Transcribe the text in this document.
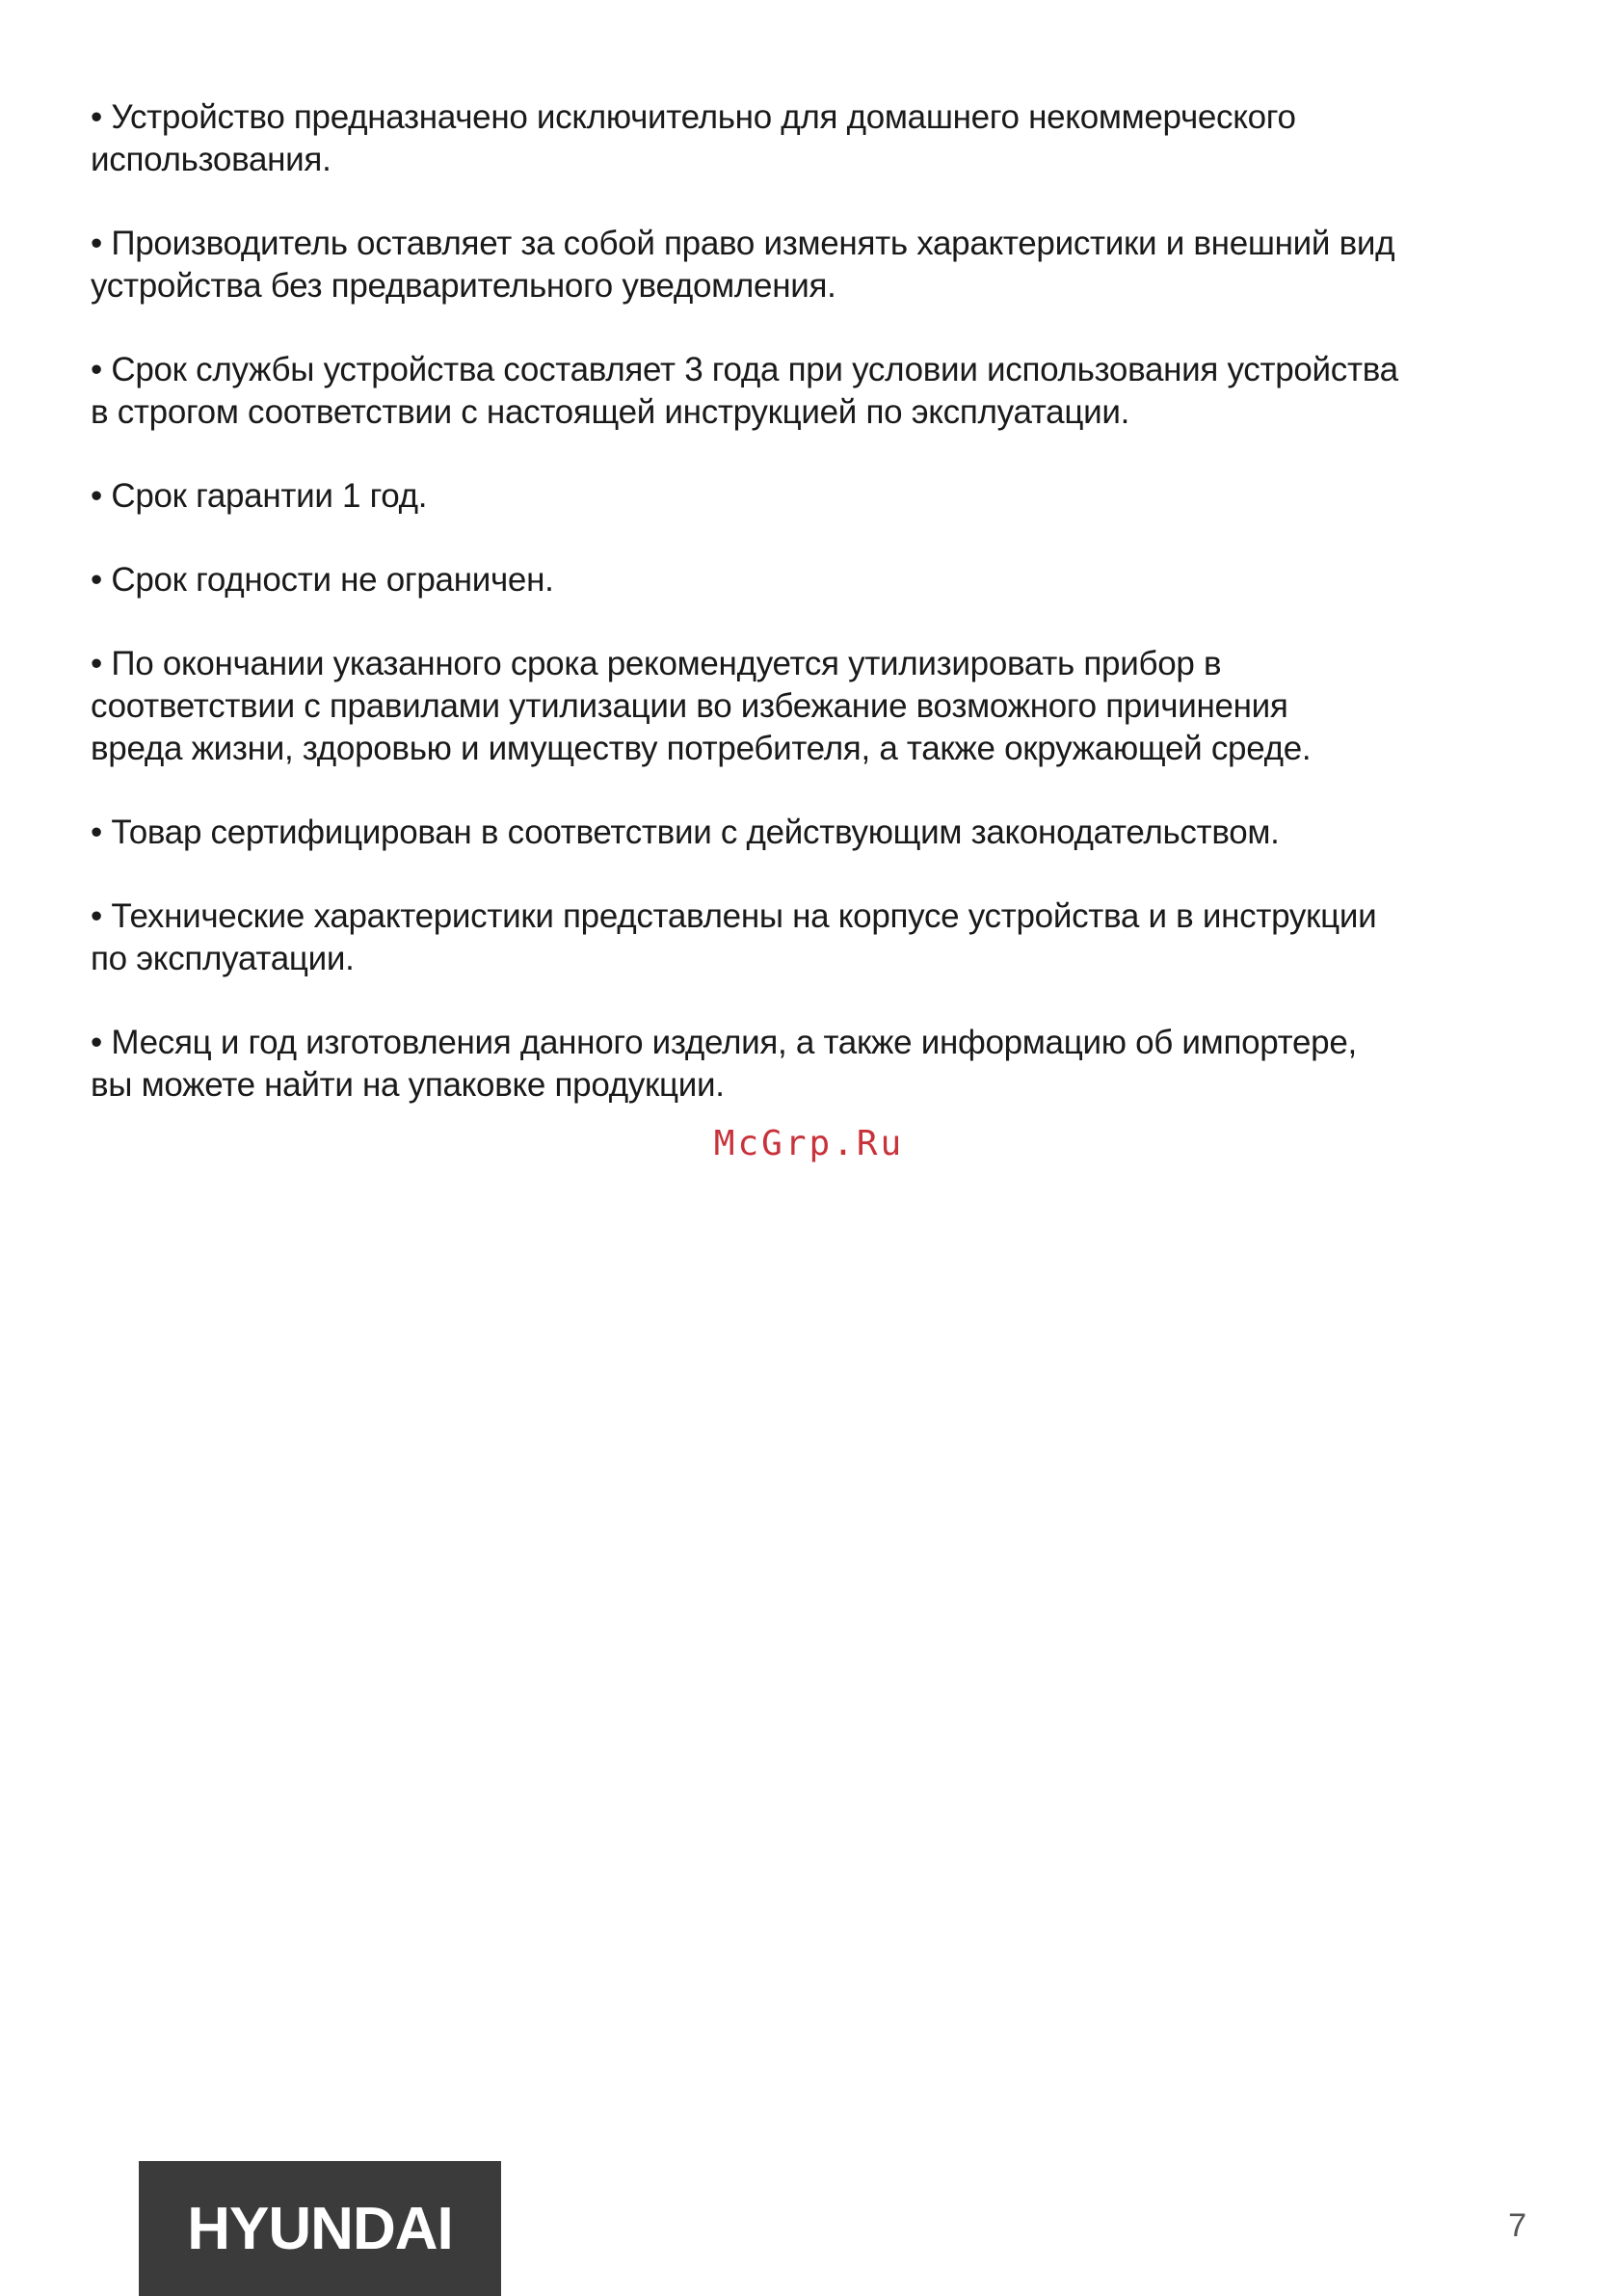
• Устройство предназначено исключительно для домашнего некоммерческого
использования.

• Производитель оставляет за собой право изменять характеристики и внешний вид
устройства без предварительного уведомления.

• Срок службы устройства составляет 3 года при условии использования устройства
в строгом соответствии с настоящей инструкцией по эксплуатации.

• Срок гарантии 1 год.

• Срок годности не ограничен.

• По окончании указанного срока рекомендуется утилизировать прибор в
соответствии с правилами утилизации во избежание возможного причинения
вреда жизни, здоровью и имуществу потребителя, а также окружающей среде.

• Товар сертифицирован в соответствии с действующим законодательством.

• Технические характеристики представлены на корпусе устройства и в инструкции
по эксплуатации.

• Месяц и год изготовления данного изделия, а также информацию об импортере,
вы можете найти на упаковке продукции.

McGrp.Ru
HYUNDAI	7
